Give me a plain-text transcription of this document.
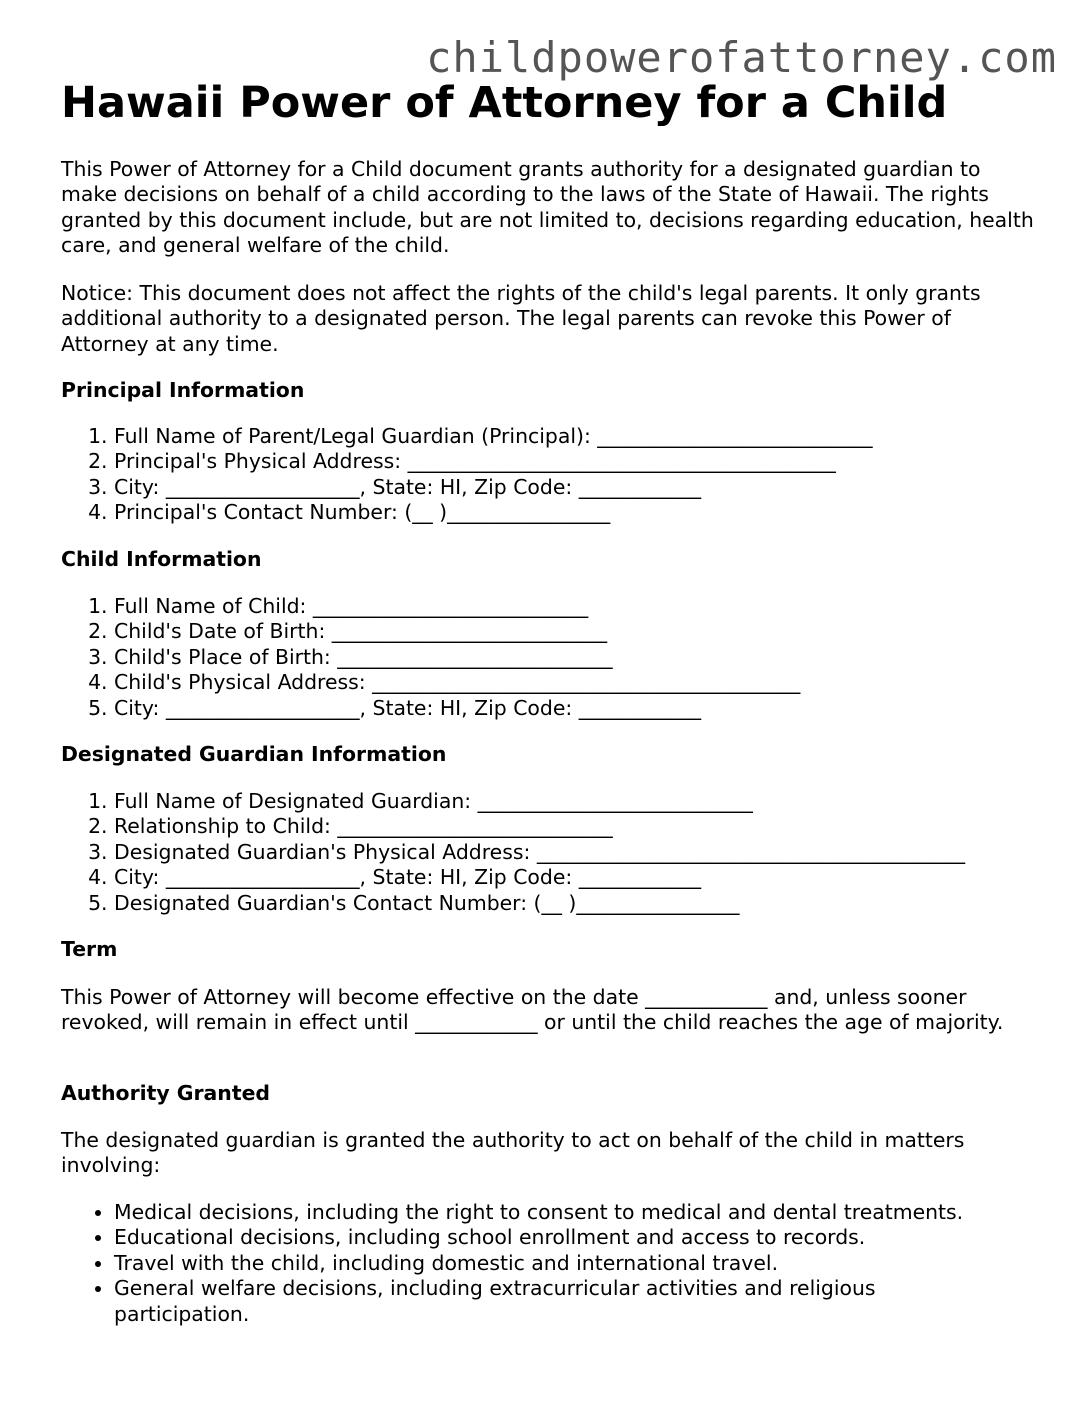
childpowerofattorney.com
Hawaii Power of Attorney for a Child

This Power of Attorney for a Child document grants authority for a designated guardian to make decisions on behalf of a child according to the laws of the State of Hawaii. The rights granted by this document include, but are not limited to, decisions regarding education, health care, and general welfare of the child.

Notice: This document does not affect the rights of the child's legal parents. It only grants additional authority to a designated person. The legal parents can revoke this Power of Attorney at any time.

Principal Information
1. Full Name of Parent/Legal Guardian (Principal): ___________________________
2. Principal's Physical Address: __________________________________________
3. City: ___________________, State: HI, Zip Code: ____________
4. Principal's Contact Number: (__ )________________
Child Information
1. Full Name of Child: ___________________________
2. Child's Date of Birth: ___________________________
3. Child's Place of Birth: ___________________________
4. Child's Physical Address: __________________________________________
5. City: ___________________, State: HI, Zip Code: ____________
Designated Guardian Information
1. Full Name of Designated Guardian: ___________________________
2. Relationship to Child: ___________________________
3. Designated Guardian's Physical Address: __________________________________________
4. City: ___________________, State: HI, Zip Code: ____________
5. Designated Guardian's Contact Number: (__ )________________
Term

This Power of Attorney will become effective on the date ____________ and, unless sooner revoked, will remain in effect until ____________ or until the child reaches the age of majority.

Authority Granted

The designated guardian is granted the authority to act on behalf of the child in matters involving:

• Medical decisions, including the right to consent to medical and dental treatments.
• Educational decisions, including school enrollment and access to records.
• Travel with the child, including domestic and international travel.
• General welfare decisions, including extracurricular activities and religious participation.
